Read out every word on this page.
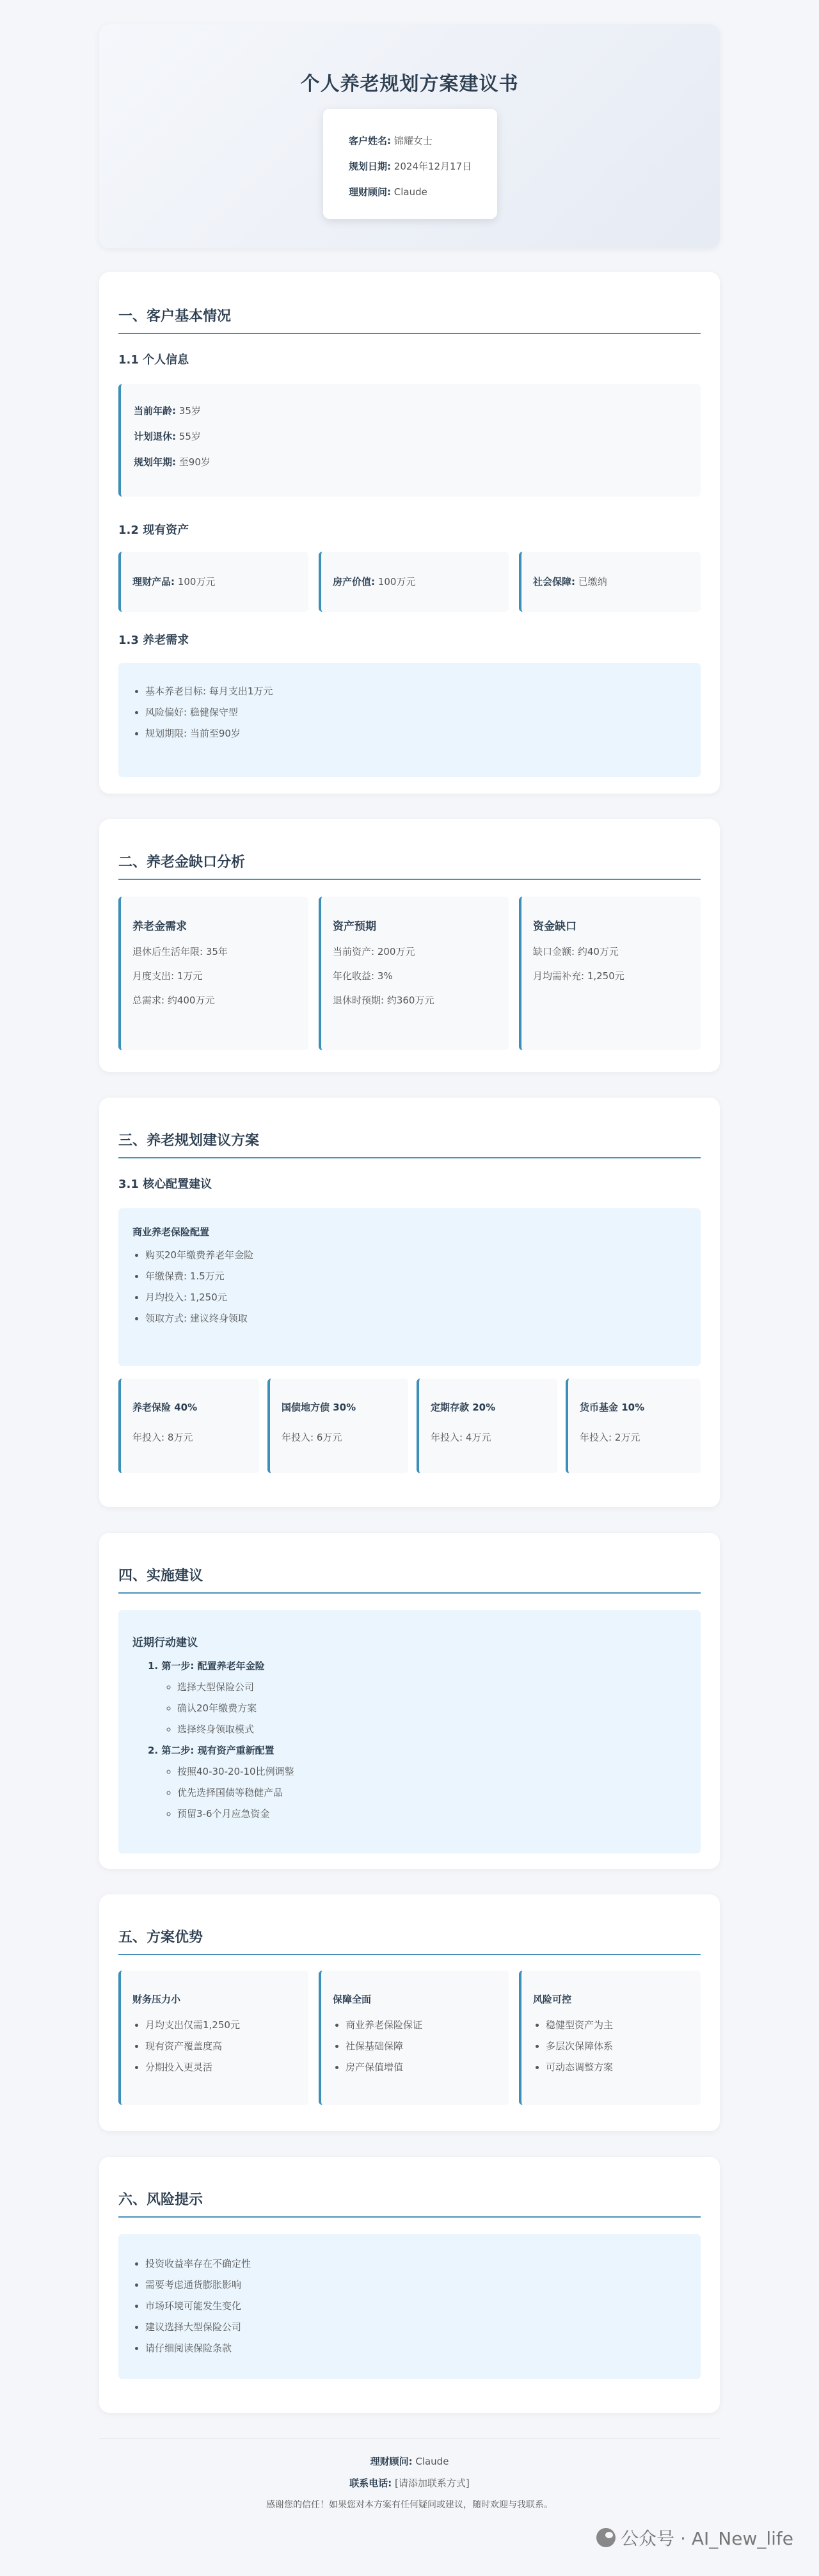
个人养老规划方案建议书
客户姓名: 锦耀女士
规划日期: 2024年12月17日
理财顾问: Claude
一、客户基本情况
1.1 个人信息
当前年龄: 35岁
计划退休: 55岁
规划年期: 至90岁
1.2 现有资产
理财产品: 100万元	房产价值: 100万元	社会保障: 已缴纳
1.3 养老需求
• 基本养老目标: 每月支出1万元
• 风险偏好: 稳健保守型
• 规划期限: 当前至90岁
二、养老金缺口分析
养老金需求
退休后生活年限: 35年
月度支出: 1万元
总需求: 约400万元
资产预期
当前资产: 200万元
年化收益: 3%
退休时预期: 约360万元
资金缺口
缺口金额: 约40万元
月均需补充: 1,250元
三、养老规划建议方案
3.1 核心配置建议
商业养老保险配置
• 购买20年缴费养老年金险
• 年缴保费: 1.5万元
• 月均投入: 1,250元
• 领取方式: 建议终身领取
养老保险 40%
年投入: 8万元
国债地方债 30%
年投入: 6万元
定期存款 20%
年投入: 4万元
货币基金 10%
年投入: 2万元
四、实施建议
近期行动建议
1. 第一步: 配置养老年金险
◦ 选择大型保险公司
◦ 确认20年缴费方案
◦ 选择终身领取模式
2. 第二步: 现有资产重新配置
◦ 按照40-30-20-10比例调整
◦ 优先选择国债等稳健产品
◦ 预留3-6个月应急资金
五、方案优势
财务压力小
• 月均支出仅需1,250元
• 现有资产覆盖度高
• 分期投入更灵活
保障全面
• 商业养老保险保证
• 社保基础保障
• 房产保值增值
风险可控
• 稳健型资产为主
• 多层次保障体系
• 可动态调整方案
六、风险提示
• 投资收益率存在不确定性
• 需要考虑通货膨胀影响
• 市场环境可能发生变化
• 建议选择大型保险公司
• 请仔细阅读保险条款
理财顾问: Claude
联系电话: [请添加联系方式]
感谢您的信任！如果您对本方案有任何疑问或建议，随时欢迎与我联系。
公众号 · AI_New_life
